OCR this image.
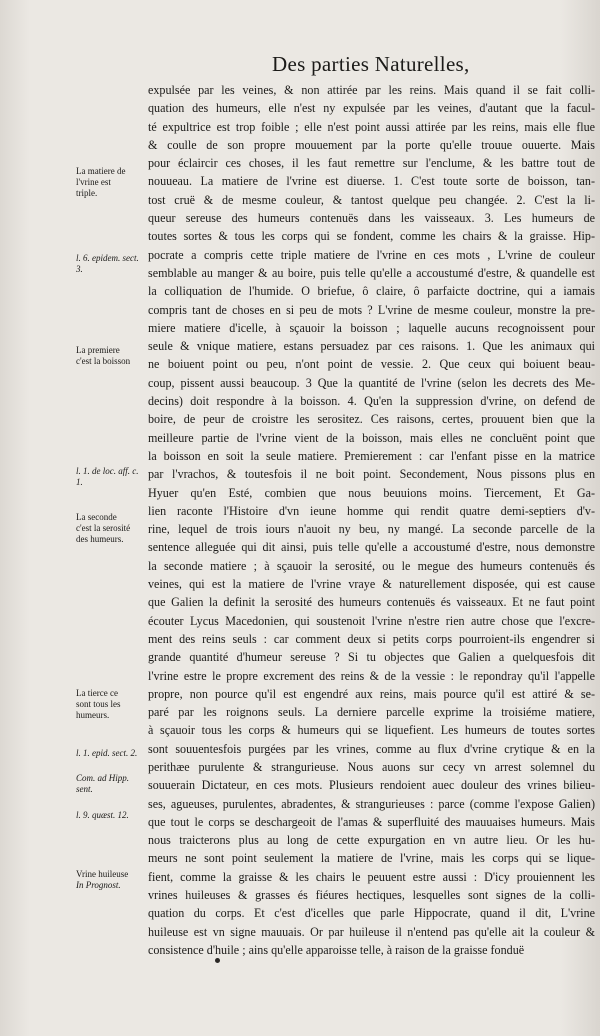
Des parties Naturelles,
expulsée par les veines, & non attirée par les reins. Mais quand il se fait colli-
quation des humeurs, elle n'est ny expulsée par les veines, d'autant que la facul-
té expultrice est trop foible ; elle n'est point aussi attirée par les reins, mais elle flue
& coulle de son propre mouuement par la porte qu'elle trouue ouuerte. Mais
pour éclaircir ces choses, il les faut remettre sur l'enclume, & les battre tout de
nouueau. La matiere de l'vrine est diuerse. 1. C'est toute sorte de boisson, tan-
tost cruë & de mesme couleur, & tantost quelque peu changée. 2. C'est la li-
queur sereuse des humeurs contenuës dans les vaisseaux. 3. Les humeurs de
toutes sortes & tous les corps qui se fondent, comme les chairs & la graisse. Hip-
pocrate a compris cette triple matiere de l'vrine en ces mots , L'vrine de couleur
semblable au manger & au boire, puis telle qu'elle a accoustumé d'estre, & quandelle est
la colliquation de l'humide. O briefue, ô claire, ô parfaicte doctrine, qui a iamais
compris tant de choses en si peu de mots ? L'vrine de mesme couleur, monstre la pre-
miere matiere d'icelle, à sçauoir la boisson ; laquelle aucuns recognoissent pour
seule & vnique matiere, estans persuadez par ces raisons. 1. Que les animaux qui
ne boiuent point ou peu, n'ont point de vessie. 2. Que ceux qui boiuent beau-
coup, pissent aussi beaucoup. 3 Que la quantité de l'vrine (selon les decrets des Me-
decins) doit respondre à la boisson. 4. Qu'en la suppression d'vrine, on defend de
boire, de peur de croistre les serositez. Ces raisons, certes, prouuent bien que la
meilleure partie de l'vrine vient de la boisson, mais elles ne concluënt point que
la boisson en soit la seule matiere. Premierement : car l'enfant pisse en la matrice
par l'vrachos, & toutesfois il ne boit point. Secondement, Nous pissons plus en
Hyuer qu'en Esté, combien que nous beuuions moins. Tiercement, Et Ga-
lien raconte l'Histoire d'vn ieune homme qui rendit quatre demi-septiers d'v-
rine, lequel de trois iours n'auoit ny beu, ny mangé. La seconde parcelle de la
sentence alleguée qui dit ainsi, puis telle qu'elle a accoustumé d'estre, nous demonstre
la seconde matiere ; à sçauoir la serosité, ou le megue des humeurs contenuës és
veines, qui est la matiere de l'vrine vraye & naturellement disposée, qui est cause
que Galien la definit la serosité des humeurs contenuës és vaisseaux. Et ne faut point
écouter Lycus Macedonien, qui soustenoit l'vrine n'estre rien autre chose que l'excre-
ment des reins seuls : car comment deux si petits corps pourroient-ils engendrer si
grande quantité d'humeur sereuse ? Si tu objectes que Galien a quelquesfois dit
l'vrine estre le propre excrement des reins & de la vessie : le repondray qu'il l'appelle
propre, non pource qu'il est engendré aux reins, mais pource qu'il est attiré & se-
paré par les roignons seuls. La derniere parcelle exprime la troisiéme matiere,
à sçauoir tous les corps & humeurs qui se liquefient. Les humeurs de toutes sortes
sont souuentesfois purgées par les vrines, comme au flux d'vrine crytique & en la
perithæe purulente & strangurieuse. Nous auons sur cecy vn arrest solemnel du
souuerain Dictateur, en ces mots. Plusieurs rendoient auec douleur des vrines bilieu-
ses, agueuses, purulentes, abradentes, & strangurieuses : parce (comme l'expose Galien)
que tout le corps se deschargeoit de l'amas & superfluité des mauuaises humeurs. Mais
nous traicterons plus au long de cette expurgation en vn autre lieu. Or les hu-
meurs ne sont point seulement la matiere de l'vrine, mais les corps qui se lique-
fient, comme la graisse & les chairs le peuuent estre aussi : D'icy prouiennent les
vrines huileuses & grasses és fiéures hectiques, lesquelles sont signes de la colli-
quation du corps. Et c'est d'icelles que parle Hippocrate, quand il dit, L'vrine
huileuse est vn signe mauuais. Or par huileuse il n'entend pas qu'elle ait la couleur &
consistence d'huile ; ains qu'elle apparoisse telle, à raison de la graisse fonduë
La matiere de
l'vrine est
triple.
l. 6. epidem. sect.
3.
La premiere
c'est la boisson
l. 1. de loc. aff. c.
1.
La seconde
c'est la serosité
des humeurs.
La tierce ce
sont tous les
humeurs.
l. 1. epid. sect. 2.
Com. ad Hipp.
sent.
l. 9. quæst. 12.
Vrine huileuse
In Prognost.
